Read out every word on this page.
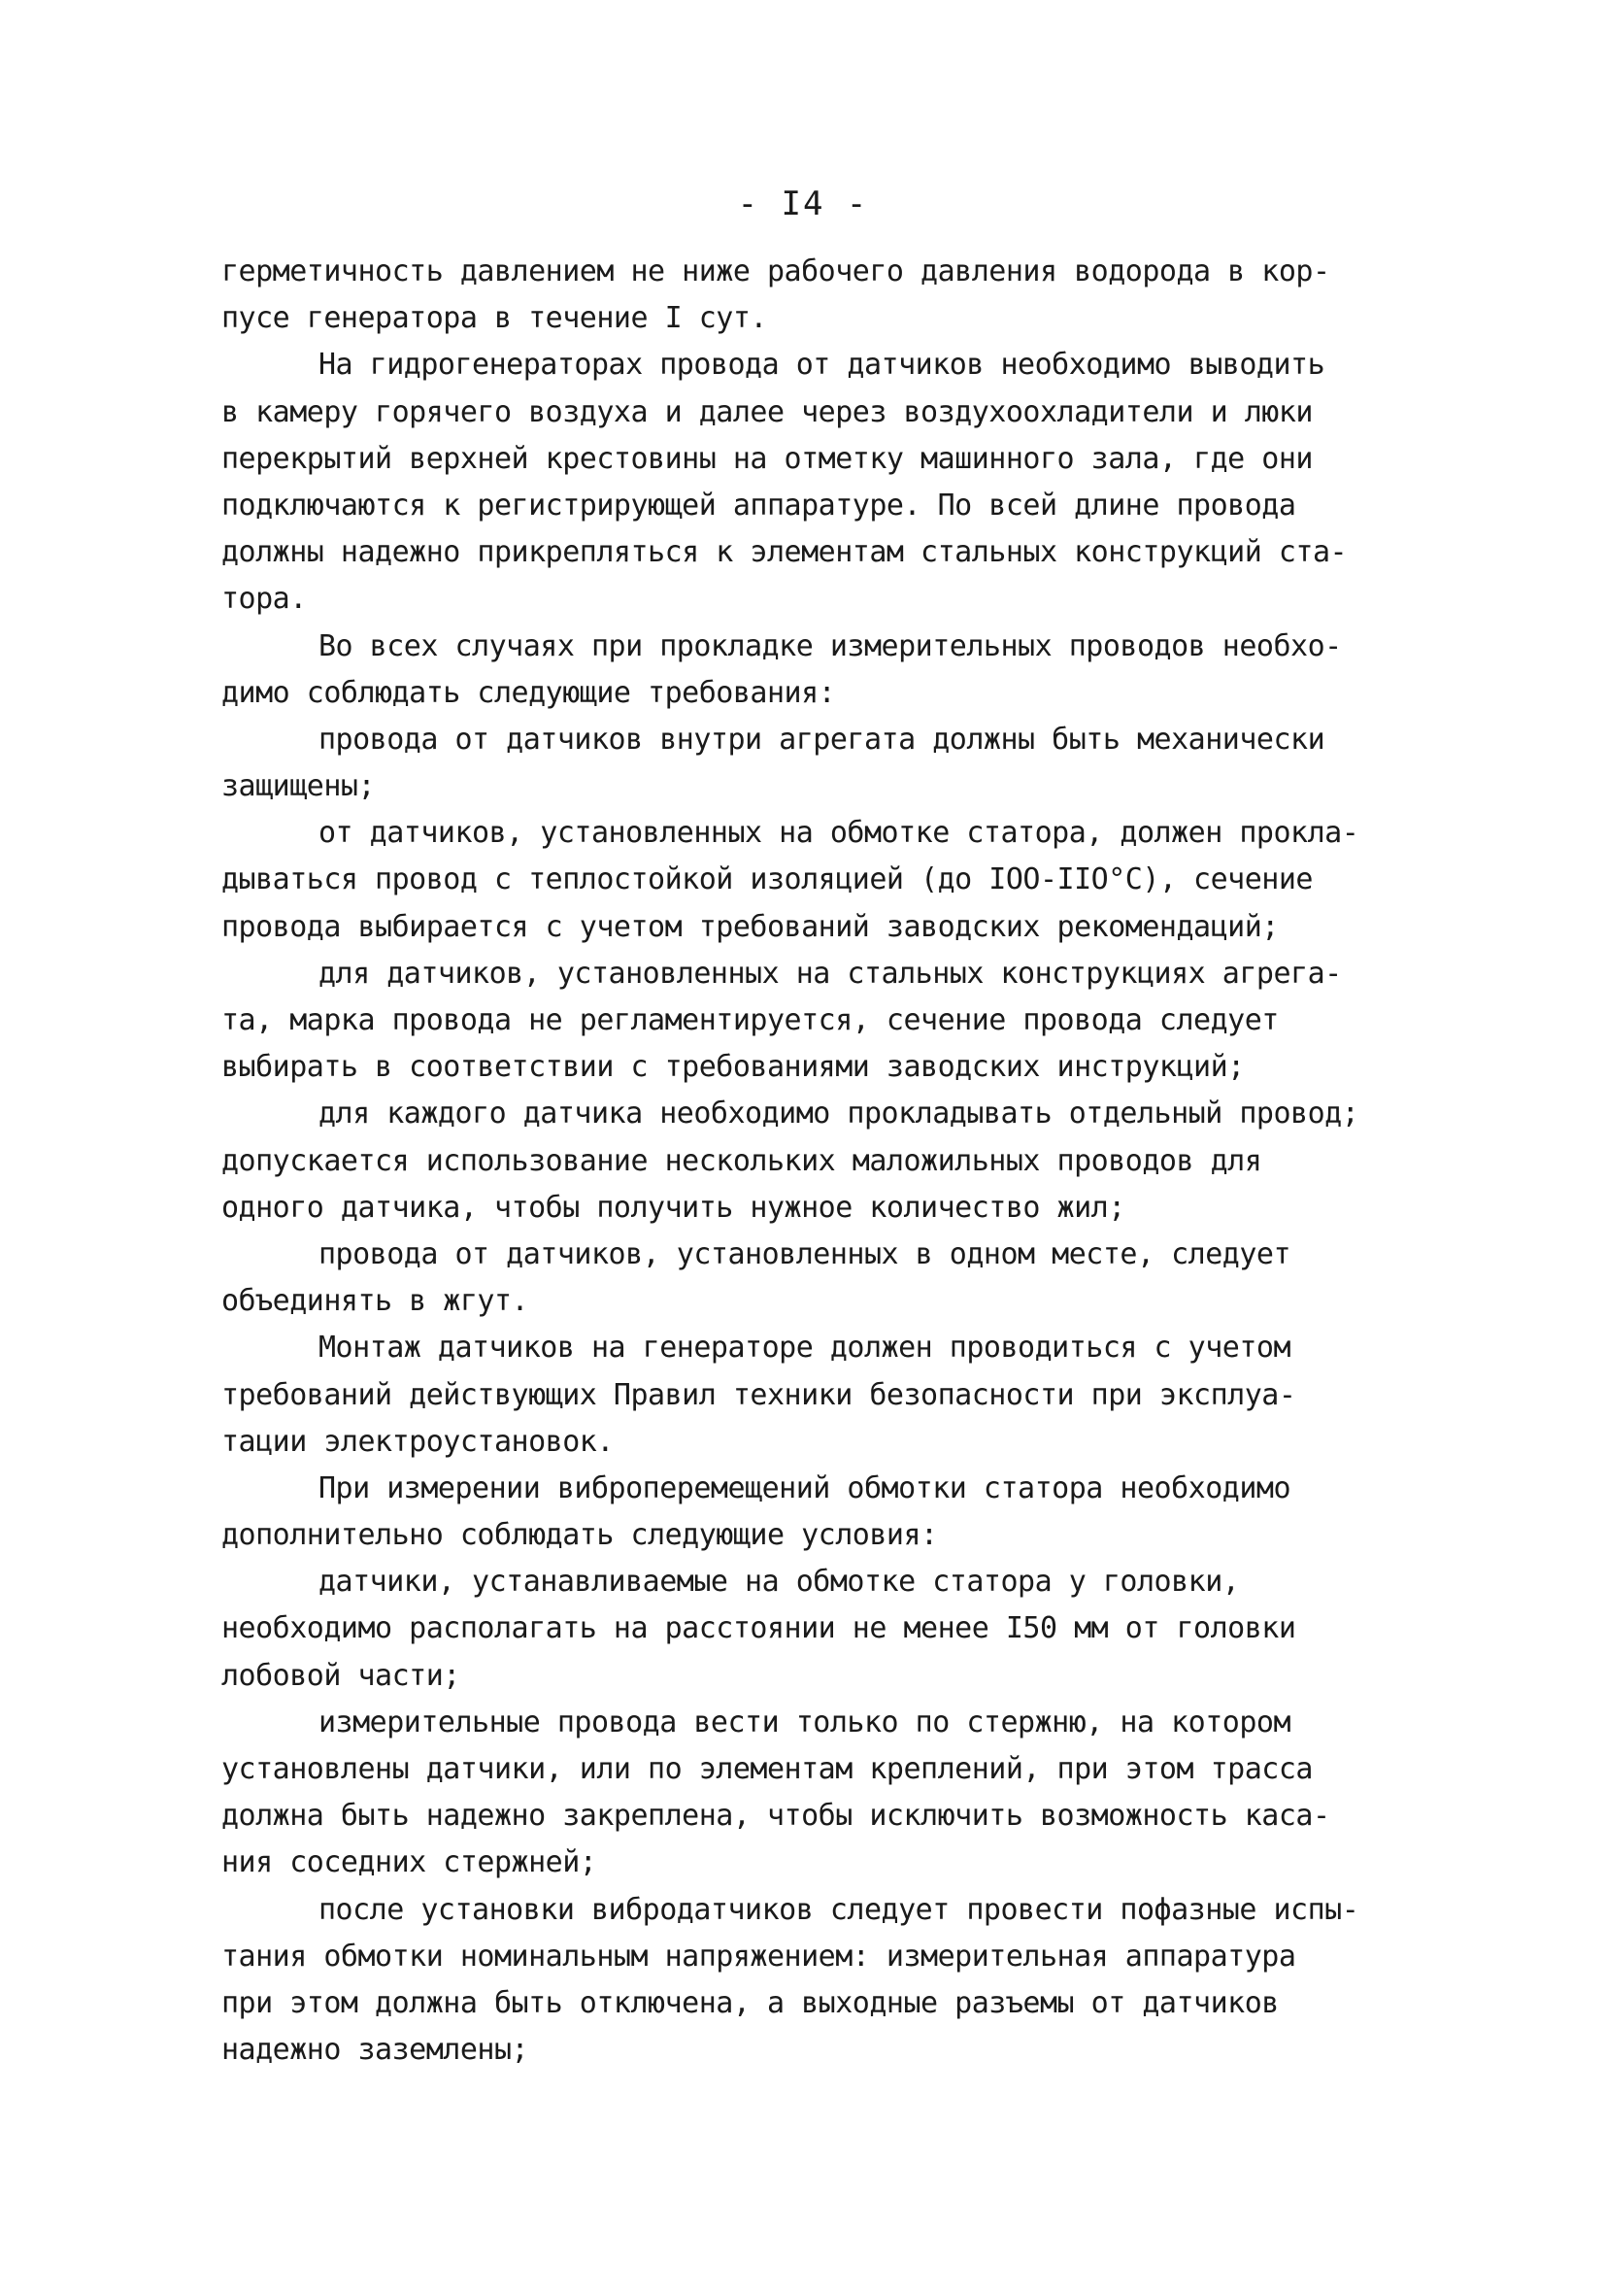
- I4 -
герметичность давлением не ниже рабочего давления водорода в кор-
пусе генератора в течение I сут.
На гидрогенераторах провода от датчиков необходимо выводить
в камеру горячего воздуха и далее через воздухоохладители и люки
перекрытий верхней крестовины на отметку машинного зала, где они
подключаются к регистрирующей аппаратуре. По всей длине провода
должны надежно прикрепляться к элементам стальных конструкций ста-
тора.
Во всех случаях при прокладке измерительных проводов необхо-
димо соблюдать следующие требования:
провода от датчиков внутри агрегата должны быть механически
защищены;
от датчиков, установленных на обмотке статора, должен прокла-
дываться провод с теплостойкой изоляцией (до IOO-IIO°C), сечение
провода выбирается с учетом требований заводских рекомендаций;
для датчиков, установленных на стальных конструкциях агрега-
та, марка провода не регламентируется, сечение провода следует
выбирать в соответствии с требованиями заводских инструкций;
для каждого датчика необходимо прокладывать отдельный провод;
допускается использование нескольких маложильных проводов для
одного датчика, чтобы получить нужное количество жил;
провода от датчиков, установленных в одном месте, следует
объединять в жгут.
Монтаж датчиков на генераторе должен проводиться с учетом
требований действующих Правил техники безопасности при эксплуа-
тации электроустановок.
При измерении виброперемещений обмотки статора необходимо
дополнительно соблюдать следующие условия:
датчики, устанавливаемые на обмотке статора у головки,
необходимо располагать на расстоянии не менее I50 мм от головки
лобовой части;
измерительные провода вести только по стержню, на котором
установлены датчики, или по элементам креплений, при этом трасса
должна быть надежно закреплена, чтобы исключить возможность каса-
ния соседних стержней;
после установки вибродатчиков следует провести пофазные испы-
тания обмотки номинальным напряжением: измерительная аппаратура
при этом должна быть отключена, а выходные разъемы от датчиков
надежно заземлены;
